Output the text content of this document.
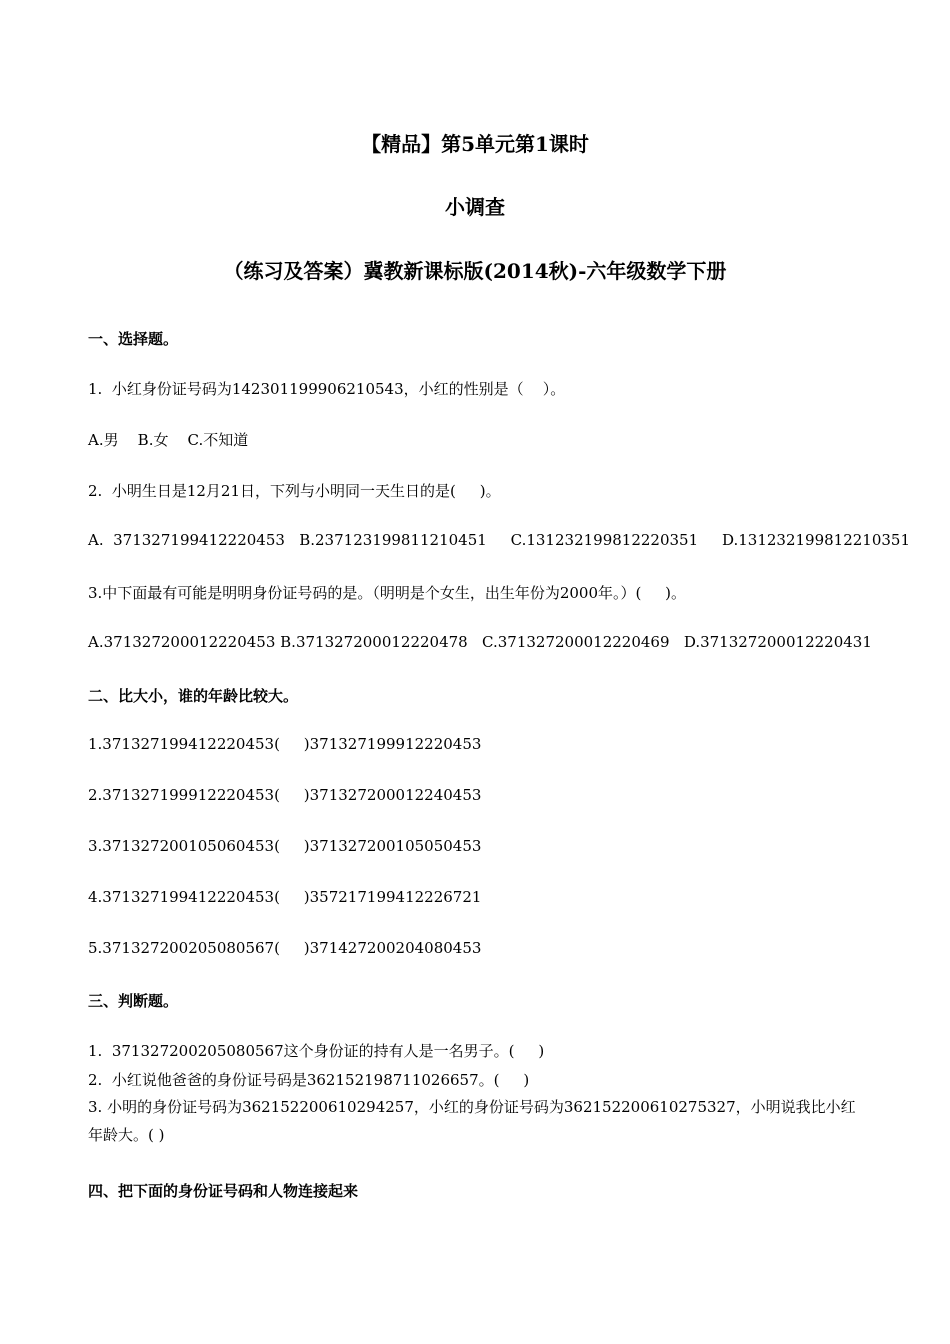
【精品】第5单元第1课时
小调查
（练习及答案）冀教新课标版(2014秋)-六年级数学下册
一、选择题。
1.  小红身份证号码为142301199906210543，小红的性别是（    ）。
A.男    B.女    C.不知道
2.  小明生日是12月21日，下列与小明同一天生日的是(     )。
A.  371327199412220453   B.237123199811210451     C.131232199812220351     D.131232199812210351
3.中下面最有可能是明明身份证号码的是。（明明是个女生，出生年份为2000年。）(     )。
A.371327200012220453 B.371327200012220478   C.371327200012220469   D.371327200012220431
二、比大小，谁的年龄比较大。
1.371327199412220453(     )371327199912220453
2.371327199912220453(     )371327200012240453
3.371327200105060453(     )371327200105050453
4.371327199412220453(     )357217199412226721
5.371327200205080567(     )371427200204080453
三、判断题。
1.  371327200205080567这个身份证的持有人是一名男子。(     )
2.  小红说他爸爸的身份证号码是362152198711026657。(     )
3. 小明的身份证号码为362152200610294257，小红的身份证号码为362152200610275327，小明说我比小红年龄大。( )
四、把下面的身份证号码和人物连接起来
